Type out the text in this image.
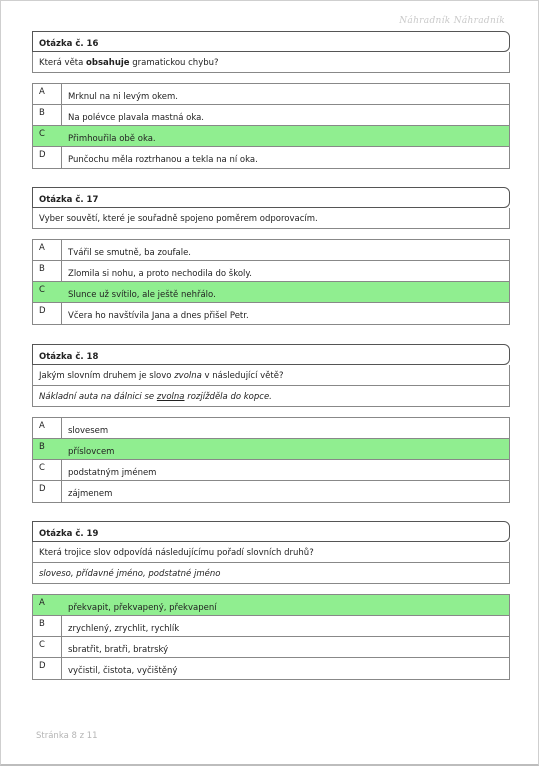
Náhradník Náhradník
Otázka č. 16
Která věta obsahuje gramatickou chybu?
A	Mrknul na ni levým okem.
B	Na polévce plavala mastná oka.
C	Přimhouřila obě oka.
D	Punčochu měla roztrhanou a tekla na ní oka.
Otázka č. 17
Vyber souvětí, které je souřadně spojeno poměrem odporovacím.
A	Tvářil se smutně, ba zoufale.
B	Zlomila si nohu, a proto nechodila do školy.
C	Slunce už svítilo, ale ještě nehřálo.
D	Včera ho navštívila Jana a dnes přišel Petr.
Otázka č. 18
Jakým slovním druhem je slovo zvolna v následující větě?
Nákladní auta na dálnici se zvolna rozjížděla do kopce.
A	slovesem
B	příslovcem
C	podstatným jménem
D	zájmenem
Otázka č. 19
Která trojice slov odpovídá následujícímu pořadí slovních druhů?
sloveso, přídavné jméno, podstatné jméno
A	překvapit, překvapený, překvapení
B	zrychlený, zrychlit, rychlík
C	sbratřit, bratři, bratrský
D	vyčistil, čistota, vyčištěný
Stránka 8 z 11
